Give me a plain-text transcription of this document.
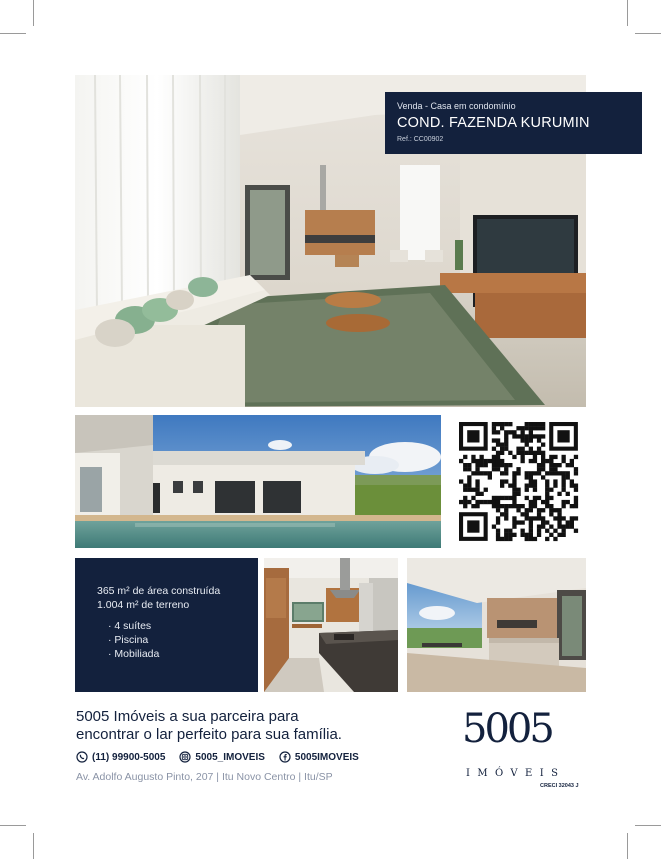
Venda - Casa em condomínio
COND. FAZENDA KURUMIN
Ref.: CC00902
365 m² de área construída
1.004 m² de terreno
· 4 suítes
· Piscina
· Mobiliada
5005 Imóveis a sua parceira para
encontrar o lar perfeito para sua família.
(11) 99900-5005	5005_IMOVEIS	5005IMOVEIS
Av. Adolfo Augusto Pinto, 207 | Itu Novo Centro | Itu/SP
5005
IMÓVEIS
CRECI 32043 J
